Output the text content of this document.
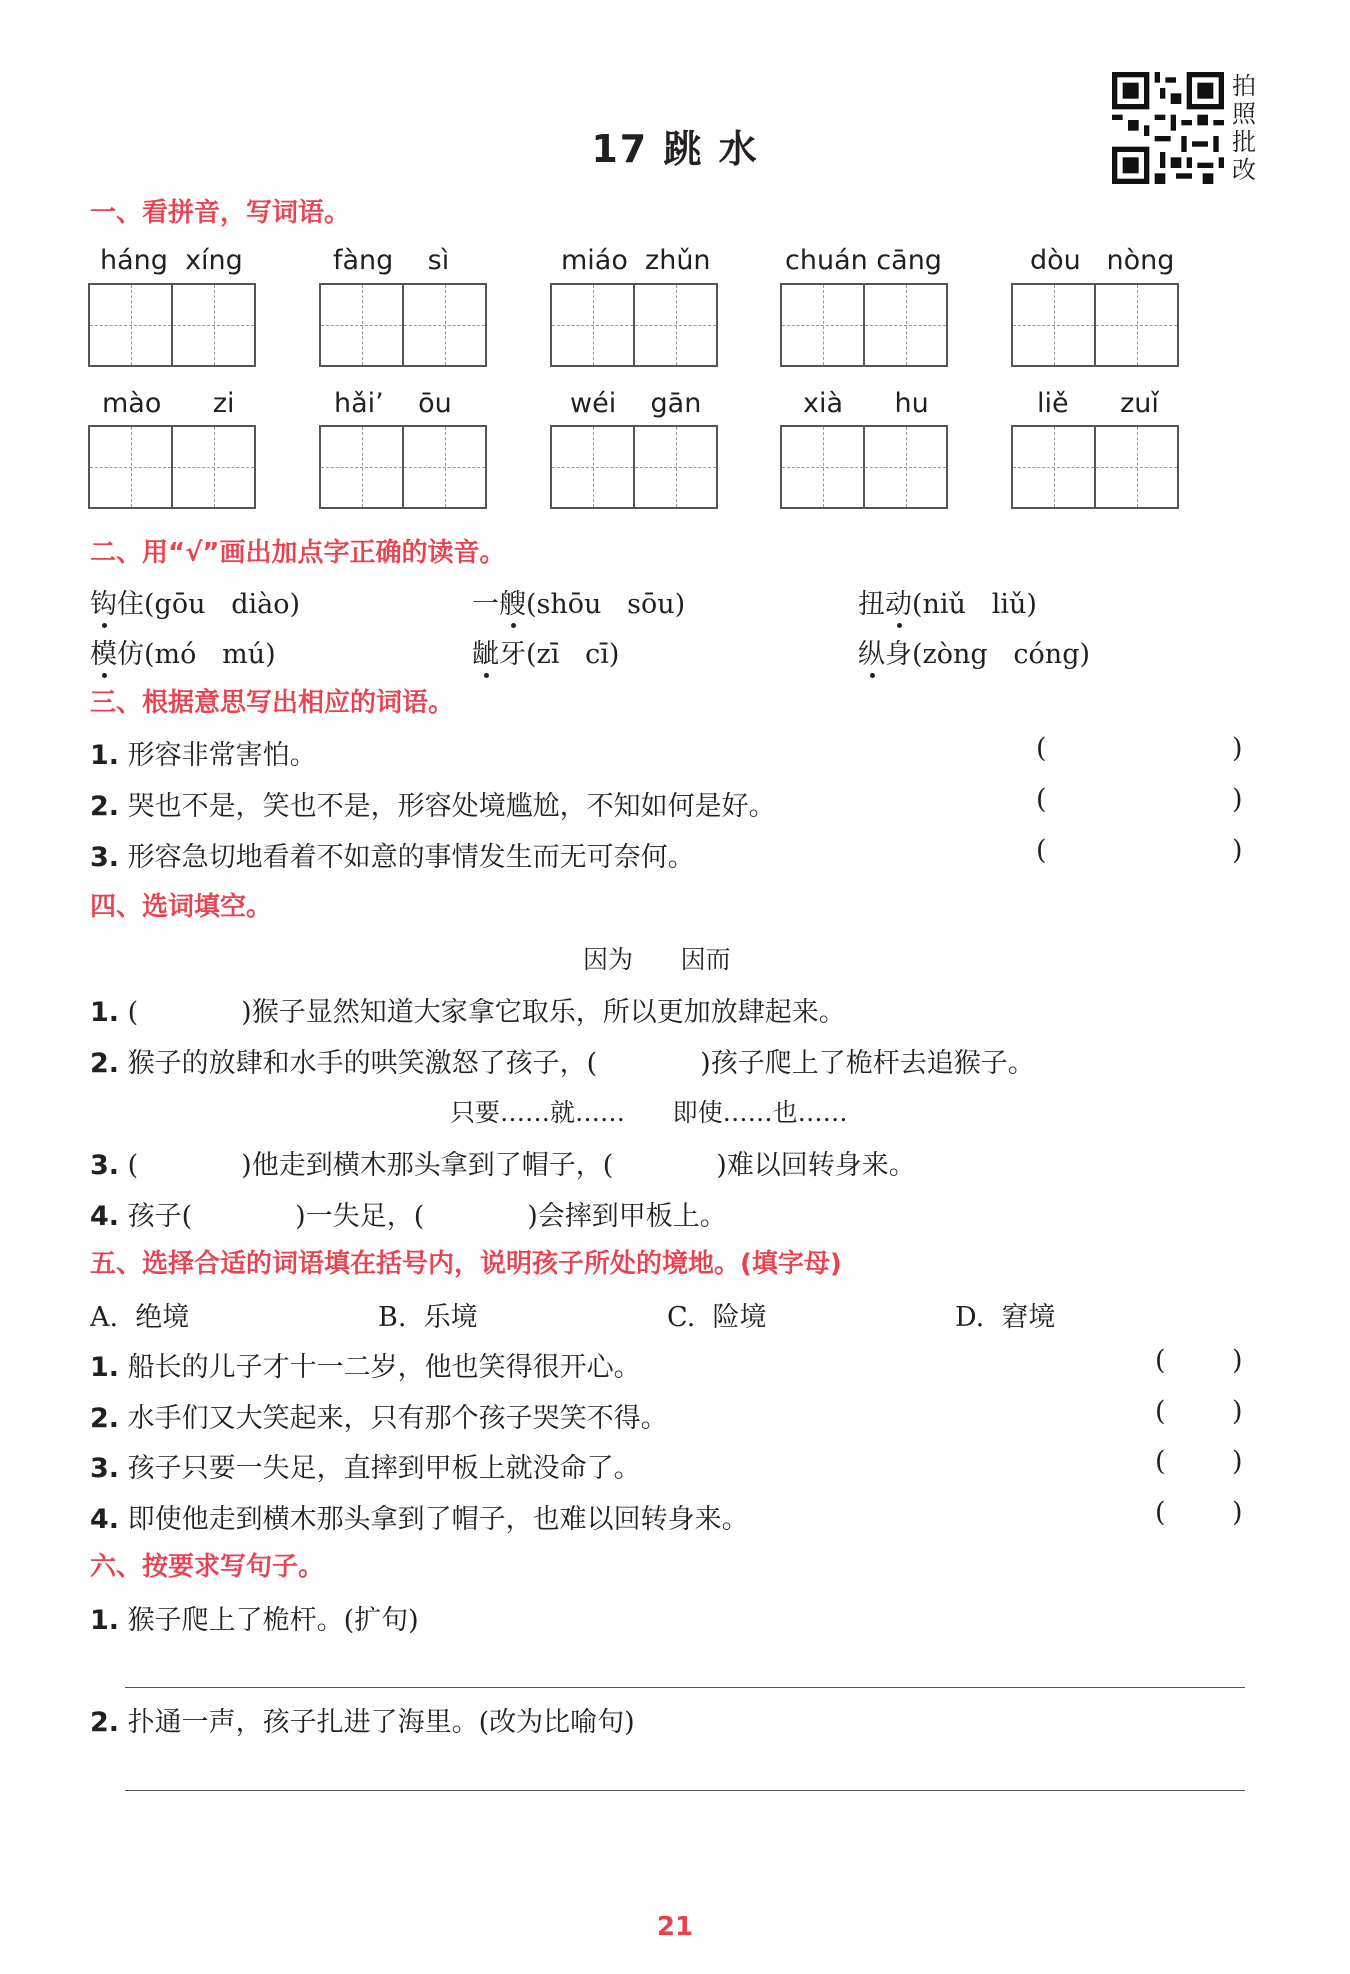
17 跳 水
拍
照
批
改
一、看拼音，写词语。
háng  xíng	fàng    sì	miáo  zhǔn	chuán cāng	dòu   nòng
mào      zi	hǎi’    ōu	wéi    gān	xià      hu	liě      zuǐ
二、用“√”画出加点字正确的读音。
钩住(gōu   diào)	一艘(shōu   sōu)	扭动(niǔ   liǔ)
模仿(mó   mú)	龇牙(zī   cī)	纵身(zòng   cóng)
三、根据意思写出相应的词语。
1. 形容非常害怕。	(	)
2. 哭也不是，笑也不是，形容处境尴尬，不知如何是好。	(	)
3. 形容急切地看着不如意的事情发生而无可奈何。	(	)
四、选词填空。
因为      因而
1. (            )猴子显然知道大家拿它取乐，所以更加放肆起来。
2. 猴子的放肆和水手的哄笑激怒了孩子，(            )孩子爬上了桅杆去追猴子。
只要……就……      即使……也……
3. (            )他走到横木那头拿到了帽子，(            )难以回转身来。
4. 孩子(            )一失足，(            )会摔到甲板上。
五、选择合适的词语填在括号内，说明孩子所处的境地。(填字母)
A.  绝境	B.  乐境	C.  险境	D.  窘境
1. 船长的儿子才十一二岁，他也笑得很开心。	( )
2. 水手们又大笑起来，只有那个孩子哭笑不得。	( )
3. 孩子只要一失足，直摔到甲板上就没命了。	( )
4. 即使他走到横木那头拿到了帽子，也难以回转身来。	( )
六、按要求写句子。
1. 猴子爬上了桅杆。(扩句)
2. 扑通一声，孩子扎进了海里。(改为比喻句)
21
